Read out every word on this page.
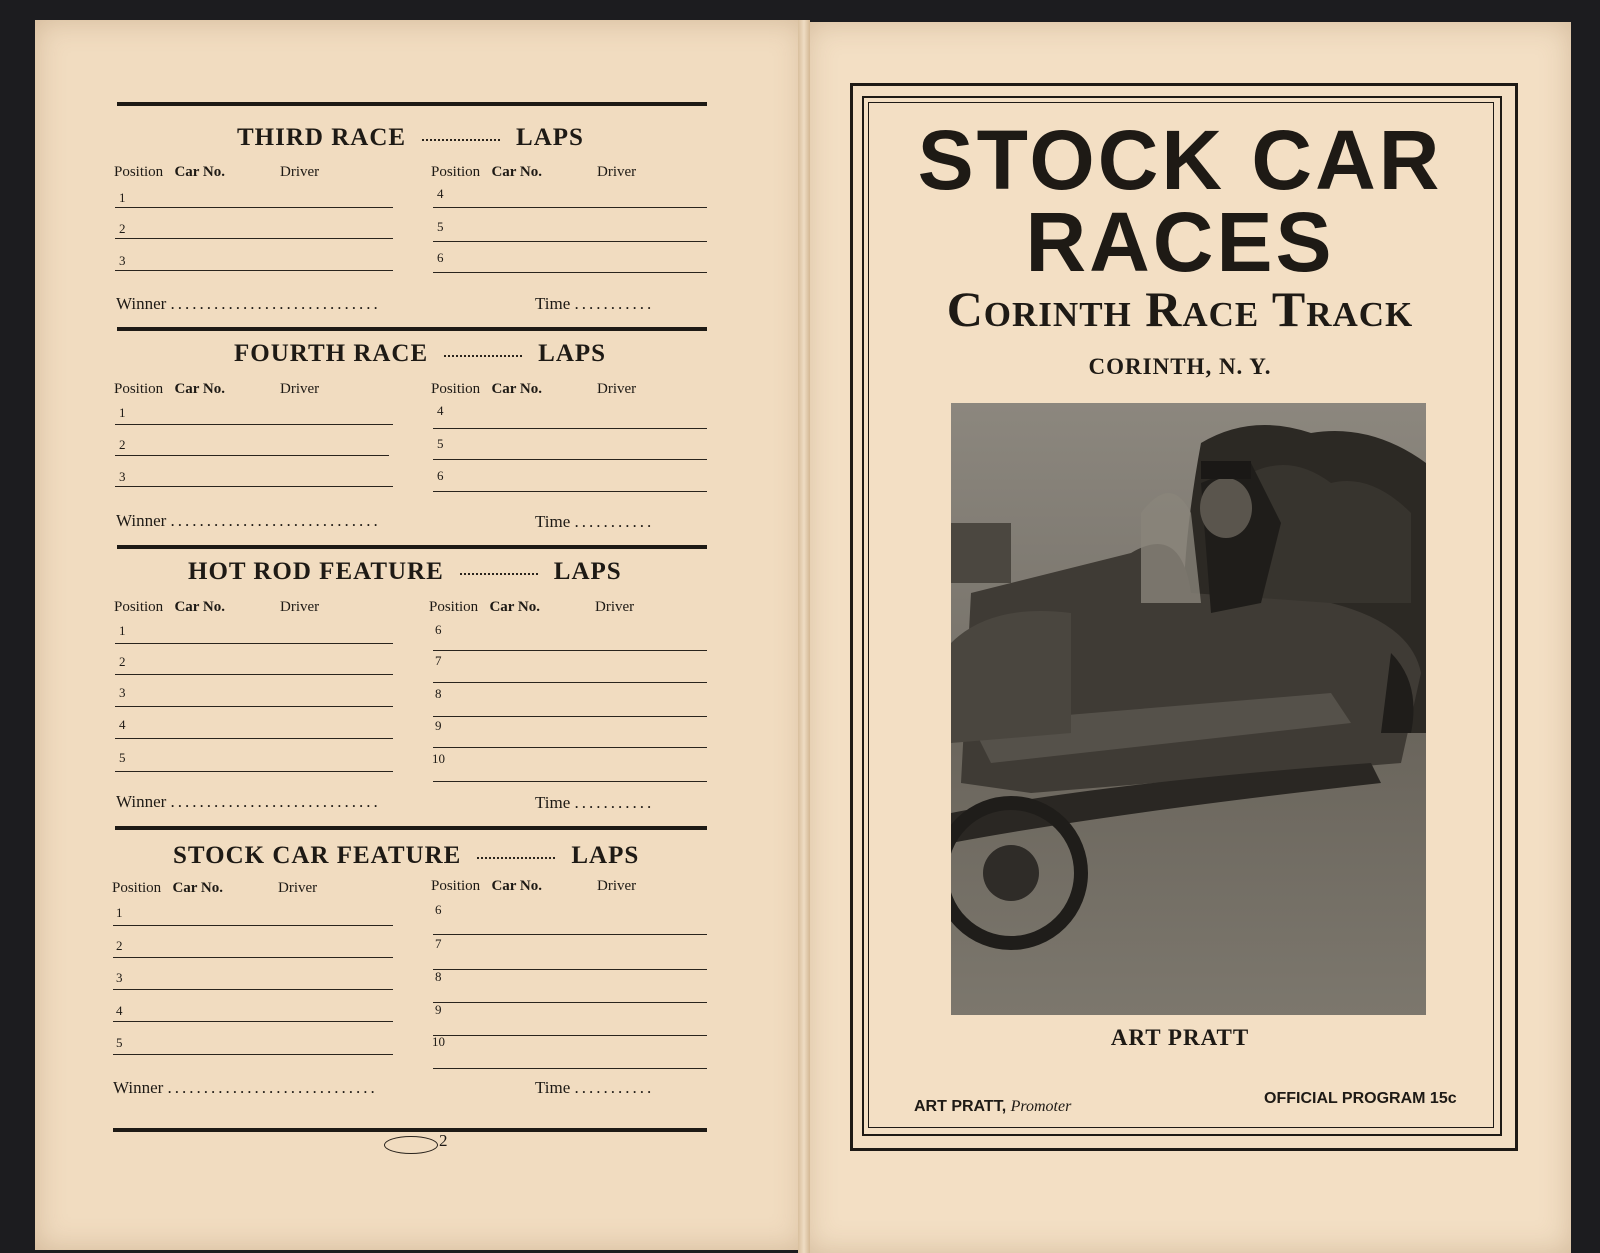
THIRD RACE	LAPS
Position Car No.	Driver	Position Car No.	Driver
1
2
3
4
5
6
Winner .............................	Time ...........
FOURTH RACE	LAPS
Position Car No.	Driver	Position Car No.	Driver
1
2
3
4
5
6
Winner .............................	Time ...........
HOT ROD FEATURE	LAPS
Position Car No.	Driver	Position Car No.	Driver
1
2
3
4
5
6
7
8
9
10
Winner .............................	Time ...........
STOCK CAR FEATURE	LAPS
Position Car No.	Driver	Position Car No.	Driver
1
2
3
4
5
6
7
8
9
10
Winner .............................	Time ...........
2
STOCK CAR
RACES
Corinth Race Track
CORINTH, N. Y.
ART PRATT
ART PRATT, Promoter	OFFICIAL PROGRAM 15c
